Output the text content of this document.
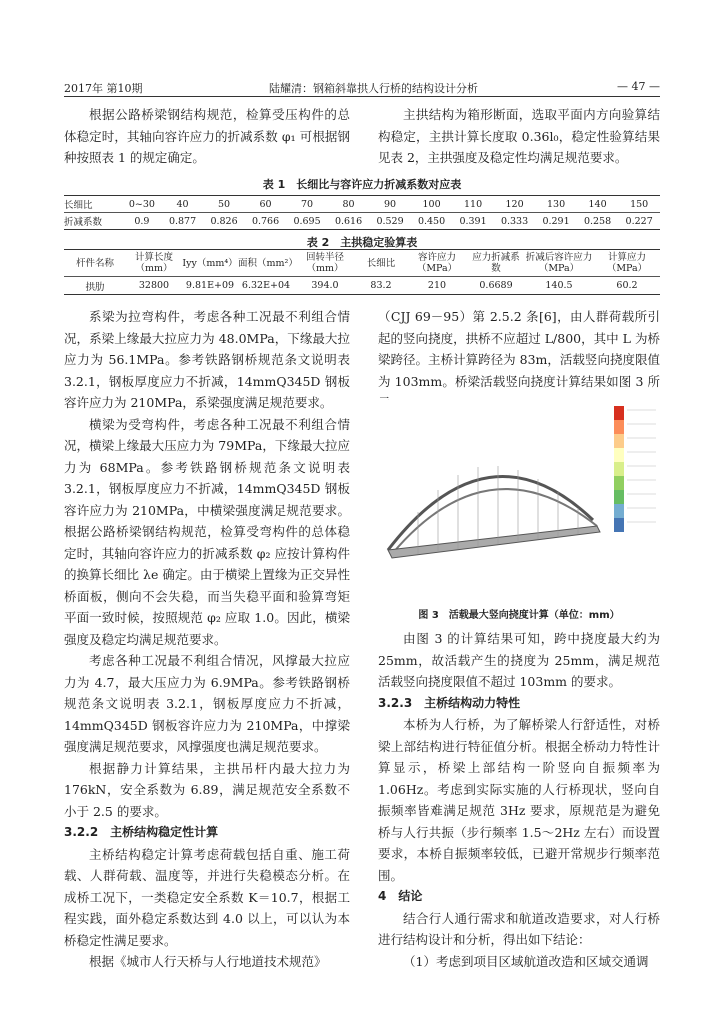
2017年 第10期	陆耀清：钢箱斜靠拱人行桥的结构设计分析	— 47 —

根据公路桥梁钢结构规范，检算受压构件的总体稳定时，其轴向容许应力的折减系数 φ₁ 可根据钢种按照表 1 的规定确定。

主拱结构为箱形断面，选取平面内方向验算结构稳定，主拱计算长度取 0.36l₀，稳定性验算结果见表 2，主拱强度及稳定性均满足规范要求。

表 1　长细比与容许应力折减系数对应表
长细比	0~30	40	50	60	70	80	90	100	110	120	130	140	150
折减系数	0.9	0.877	0.826	0.766	0.695	0.616	0.529	0.450	0.391	0.333	0.291	0.258	0.227
表 2　主拱稳定验算表
杆件名称	计算长度（mm）	Iyy（mm⁴）	面积（mm²）	回转半径（mm）	长细比	容许应力（MPa）	应力折减系数	折减后容许应力（MPa）	计算应力（MPa）
拱肋	32800	9.81E+09	6.32E+04	394.0	83.2	210	0.6689	140.5	60.2

系梁为拉弯构件，考虑各种工况最不利组合情况，系梁上缘最大拉应力为 48.0MPa，下缘最大拉应力为 56.1MPa。参考铁路钢桥规范条文说明表3.2.1，钢板厚度应力不折减，14mmQ345D 钢板容许应力为 210MPa，系梁强度满足规范要求。

横梁为受弯构件，考虑各种工况最不利组合情况，横梁上缘最大压应力为 79MPa，下缘最大拉应力为 68MPa。参考铁路钢桥规范条文说明表 3.2.1，钢板厚度应力不折减，14mmQ345D 钢板容许应力为 210MPa，中横梁强度满足规范要求。根据公路桥梁钢结构规范，检算受弯构件的总体稳定时，其轴向容许应力的折减系数 φ₂ 应按计算构件的换算长细比 λe 确定。由于横梁上置缘为正交异性桥面板，侧向不会失稳，而当失稳平面和验算弯矩平面一致时候，按照规范 φ₂ 应取 1.0。因此，横梁强度及稳定均满足规范要求。

考虑各种工况最不利组合情况，风撑最大拉应力为 4.7，最大压应力为 6.9MPa。参考铁路钢桥规范条文说明表 3.2.1，钢板厚度应力不折减，14mmQ345D 钢板容许应力为 210MPa，中撑梁强度满足规范要求，风撑强度也满足规范要求。

根据静力计算结果，主拱吊杆内最大拉力为 176kN，安全系数为 6.89，满足规范安全系数不小于 2.5 的要求。

3.2.2　主桥结构稳定性计算

主桥结构稳定计算考虑荷载包括自重、施工荷载、人群荷载、温度等，并进行失稳模态分析。在成桥工况下，一类稳定安全系数 K＝10.7，根据工程实践，面外稳定系数达到 4.0 以上，可以认为本桥稳定性满足要求。

根据《城市人行天桥与人行地道技术规范》

（CJJ 69－95）第 2.5.2 条[6]，由人群荷载所引起的竖向挠度，拱桥不应超过 L/800，其中 L 为桥梁跨径。主桥计算跨径为 83m，活载竖向挠度限值为 103mm。桥梁活载竖向挠度计算结果如图 3 所

图 3　活载最大竖向挠度计算（单位：mm）

由图 3 的计算结果可知，跨中挠度最大约为 25mm，故活载产生的挠度为 25mm，满足规范活载竖向挠度限值不超过 103mm 的要求。

3.2.3　主桥结构动力特性

本桥为人行桥，为了解桥梁人行舒适性，对桥梁上部结构进行特征值分析。根据全桥动力特性计算显示，桥梁上部结构一阶竖向自振频率为 1.06Hz。考虑到实际实施的人行桥现状，竖向自振频率皆难满足规范 3Hz 要求，原规范是为避免桥与人行共振（步行频率 1.5～2Hz 左右）而设置要求，本桥自振频率较低，已避开常规步行频率范围。

4　结论

结合行人通行需求和航道改造要求，对人行桥进行结构设计和分析，得出如下结论：

（1）考虑到项目区域航道改造和区域交通调
